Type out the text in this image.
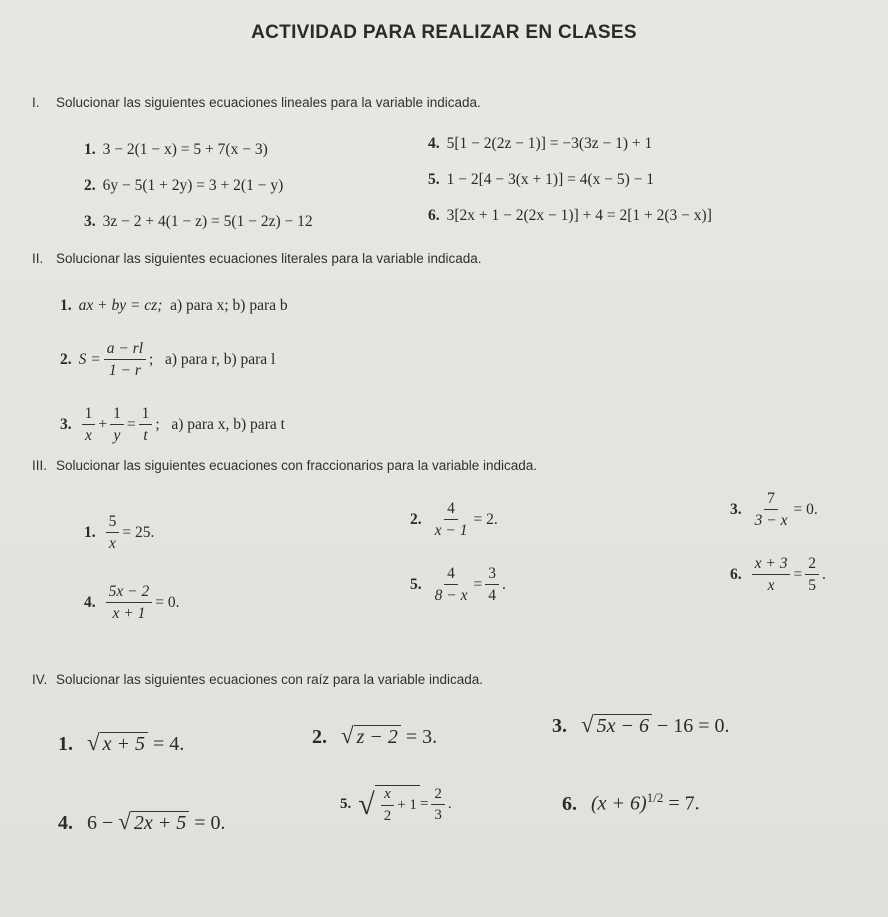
ACTIVIDAD PARA REALIZAR EN CLASES
I. Solucionar las siguientes ecuaciones lineales para la variable indicada.
1. 3 − 2(1 − x) = 5 + 7(x − 3)
2. 6y − 5(1 + 2y) = 3 + 2(1 − y)
3. 3z − 2 + 4(1 − z) = 5(1 − 2z) − 12
4. 5[1 − 2(2z − 1)] = −3(3z − 1) + 1
5. 1 − 2[4 − 3(x + 1)] = 4(x − 5) − 1
6. 3[2x + 1 − 2(2x − 1)] + 4 = 2[1 + 2(3 − x)]
II. Solucionar las siguientes ecuaciones literales para la variable indicada.
1. ax + by = cz; a) para x; b) para b
2. $S = \frac{a - rl}{1 - r}$ ;
a) para r, b) para l
3. $\frac{1}{x} + \frac{1}{y} = \frac{1}{t}$ ;
a) para x, b) para t
III. Solucionar las siguientes ecuaciones con fraccionarios para la variable indicada.
1. $\frac{5}{x} = 25$.
2. $\frac{4}{x - 1} = 2$.
3. $\frac{7}{3 - x} = 0$.
4. $\frac{5x - 2}{x + 1} = 0$.
5. $\frac{4}{8 - x} = \frac{3}{4}$ .
6. $\frac{x + 3}{x} = \frac{2}{5}$ .
IV. Solucionar las siguientes ecuaciones con raíz para la variable indicada.
1. √ x + 5 = 4.	2. √ z − 2 = 3.	3. √ 5x − 6 − 16 = 0.
4. 6 − √ 2x + 5 = 0.
5. √ $\frac{x}{2} + 1 = \frac{2}{3}$ .	6. $(x + 6)^{1/2} = 7$.
